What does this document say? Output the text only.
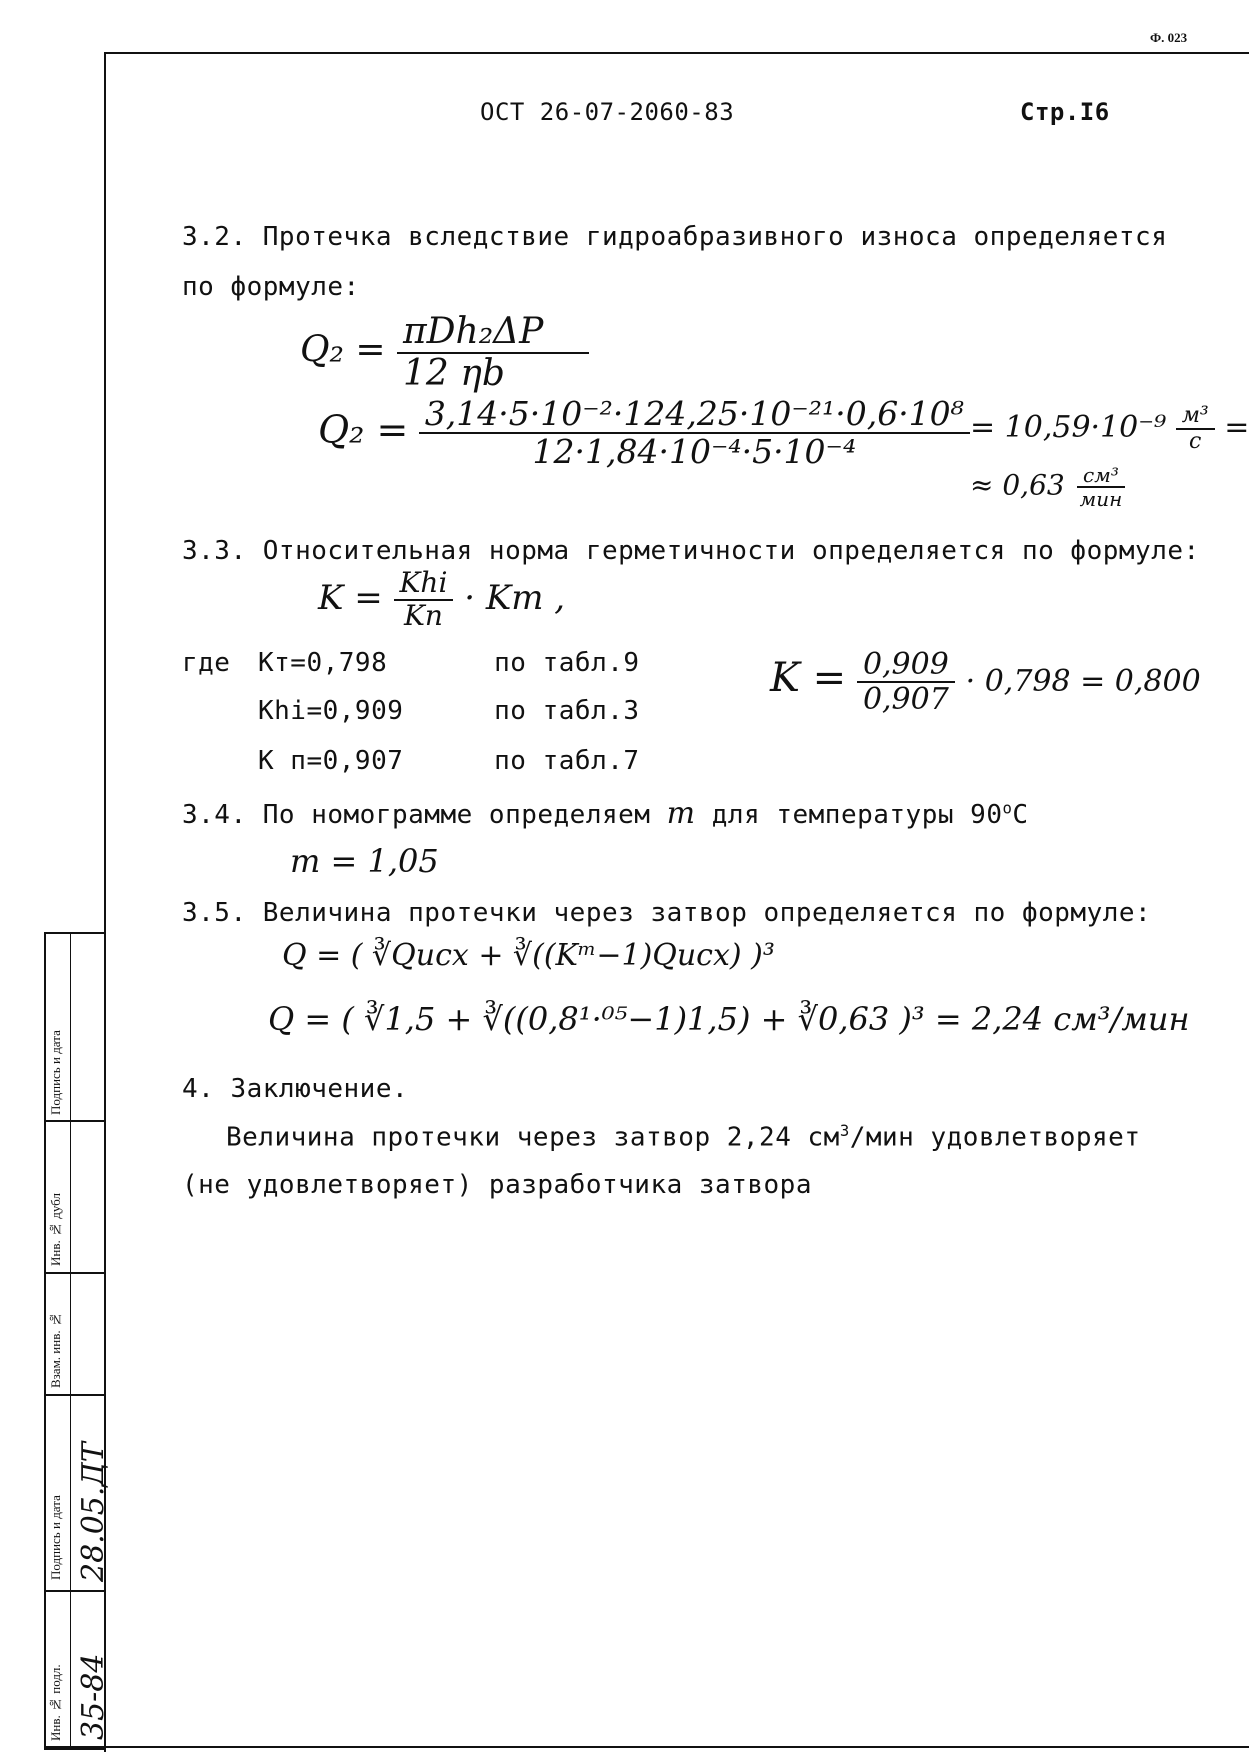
Ф. 023
ОСТ 26-07-2060-83	Стр.I6
3.2. Протечка вследствие гидроабразивного износа определяется
по формуле:
$Q_2 = \frac{\text{πDh₂ΔP}}{12 \eta b}$
$Q_2 = \frac{\text{3,14·5·10⁻²·124,25·10⁻²¹·0,6·10⁸}}{\text{12·1,84·10⁻⁴·5·10⁻⁴}} = 10,59\cdot 10^{-9} \frac{\text{м³}}{с}$ =
≈ $0,63 \frac{\text{см³}}{\text{мин}}$
3.3. Относительная норма герметичности определяется по формуле:
$K = \frac{\text{Khi}}{Kп}$ · Kт ,
где Kт=0,798	по табл.9
Khi=0,909	по табл.3
K п=0,907	по табл.7
$K = \frac{0,909}{0,907} \cdot 0,798 = 0,800$
3.4. По номограмме определяем m для температуры $90^оС$
m = 1,05
3.5. Величина протечки через затвор определяется по формуле:
Q = ( ∛Qисх + ∛((Kᵐ−1)Qисх) )³
Q = ( ∛1,5 + ∛((0,8¹·⁰⁵−1)1,5) + ∛0,63 )³ = 2,24 см³/мин
4. Заключение.
Величина протечки через затвор 2,24 $см^3$/мин удовлетворяет
(не удовлетворяет) разработчика затвора
Подпись и дата
Инв. № дубл
Взам. инв. №
Подпись и дата 28.05.ДТ
Инв. № подл. 35-84
